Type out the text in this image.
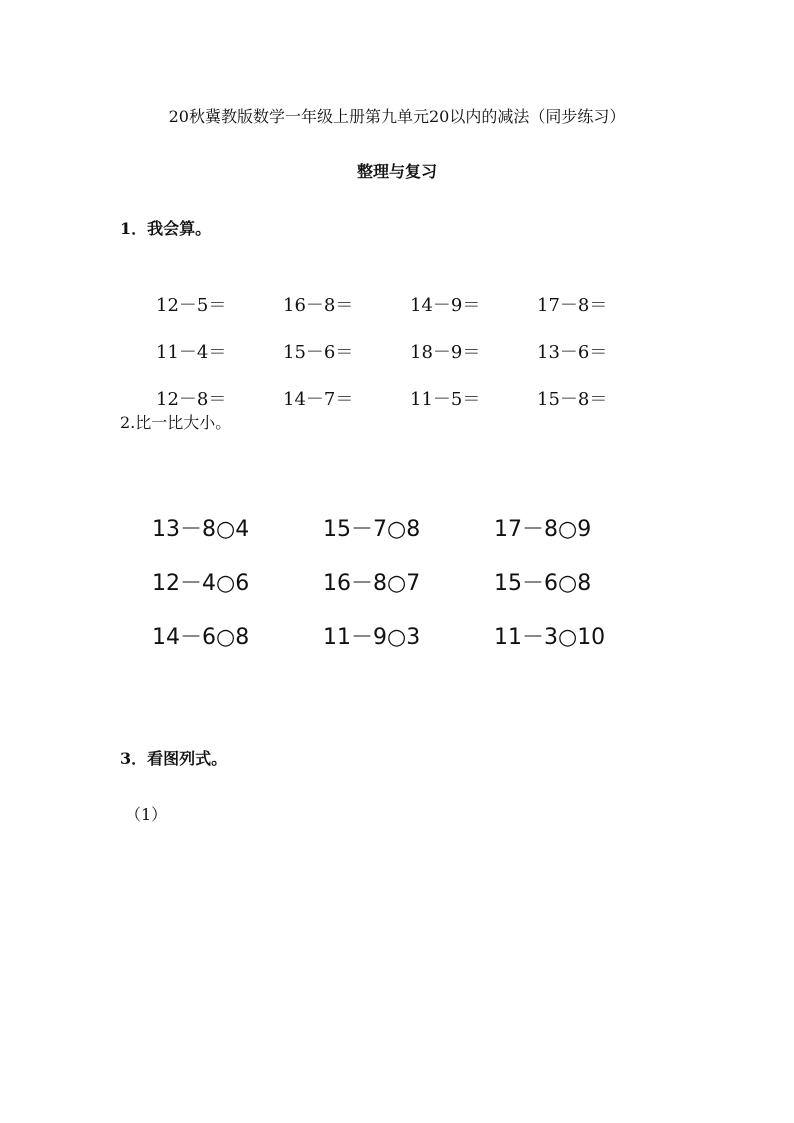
20秋冀教版数学一年级上册第九单元20以内的减法（同步练习）
整理与复习
1．我会算。
12－5＝	16－8＝	14－9＝	17－8＝
11－4＝	15－6＝	18－9＝	13－6＝
12－8＝	14－7＝	11－5＝	15－8＝
2.比一比大小。
13－8○4	15－7○8	17－8○9
12－4○6	16－8○7	15－6○8
14－6○8	11－9○3	11－3○10
3．看图列式。
（1）
